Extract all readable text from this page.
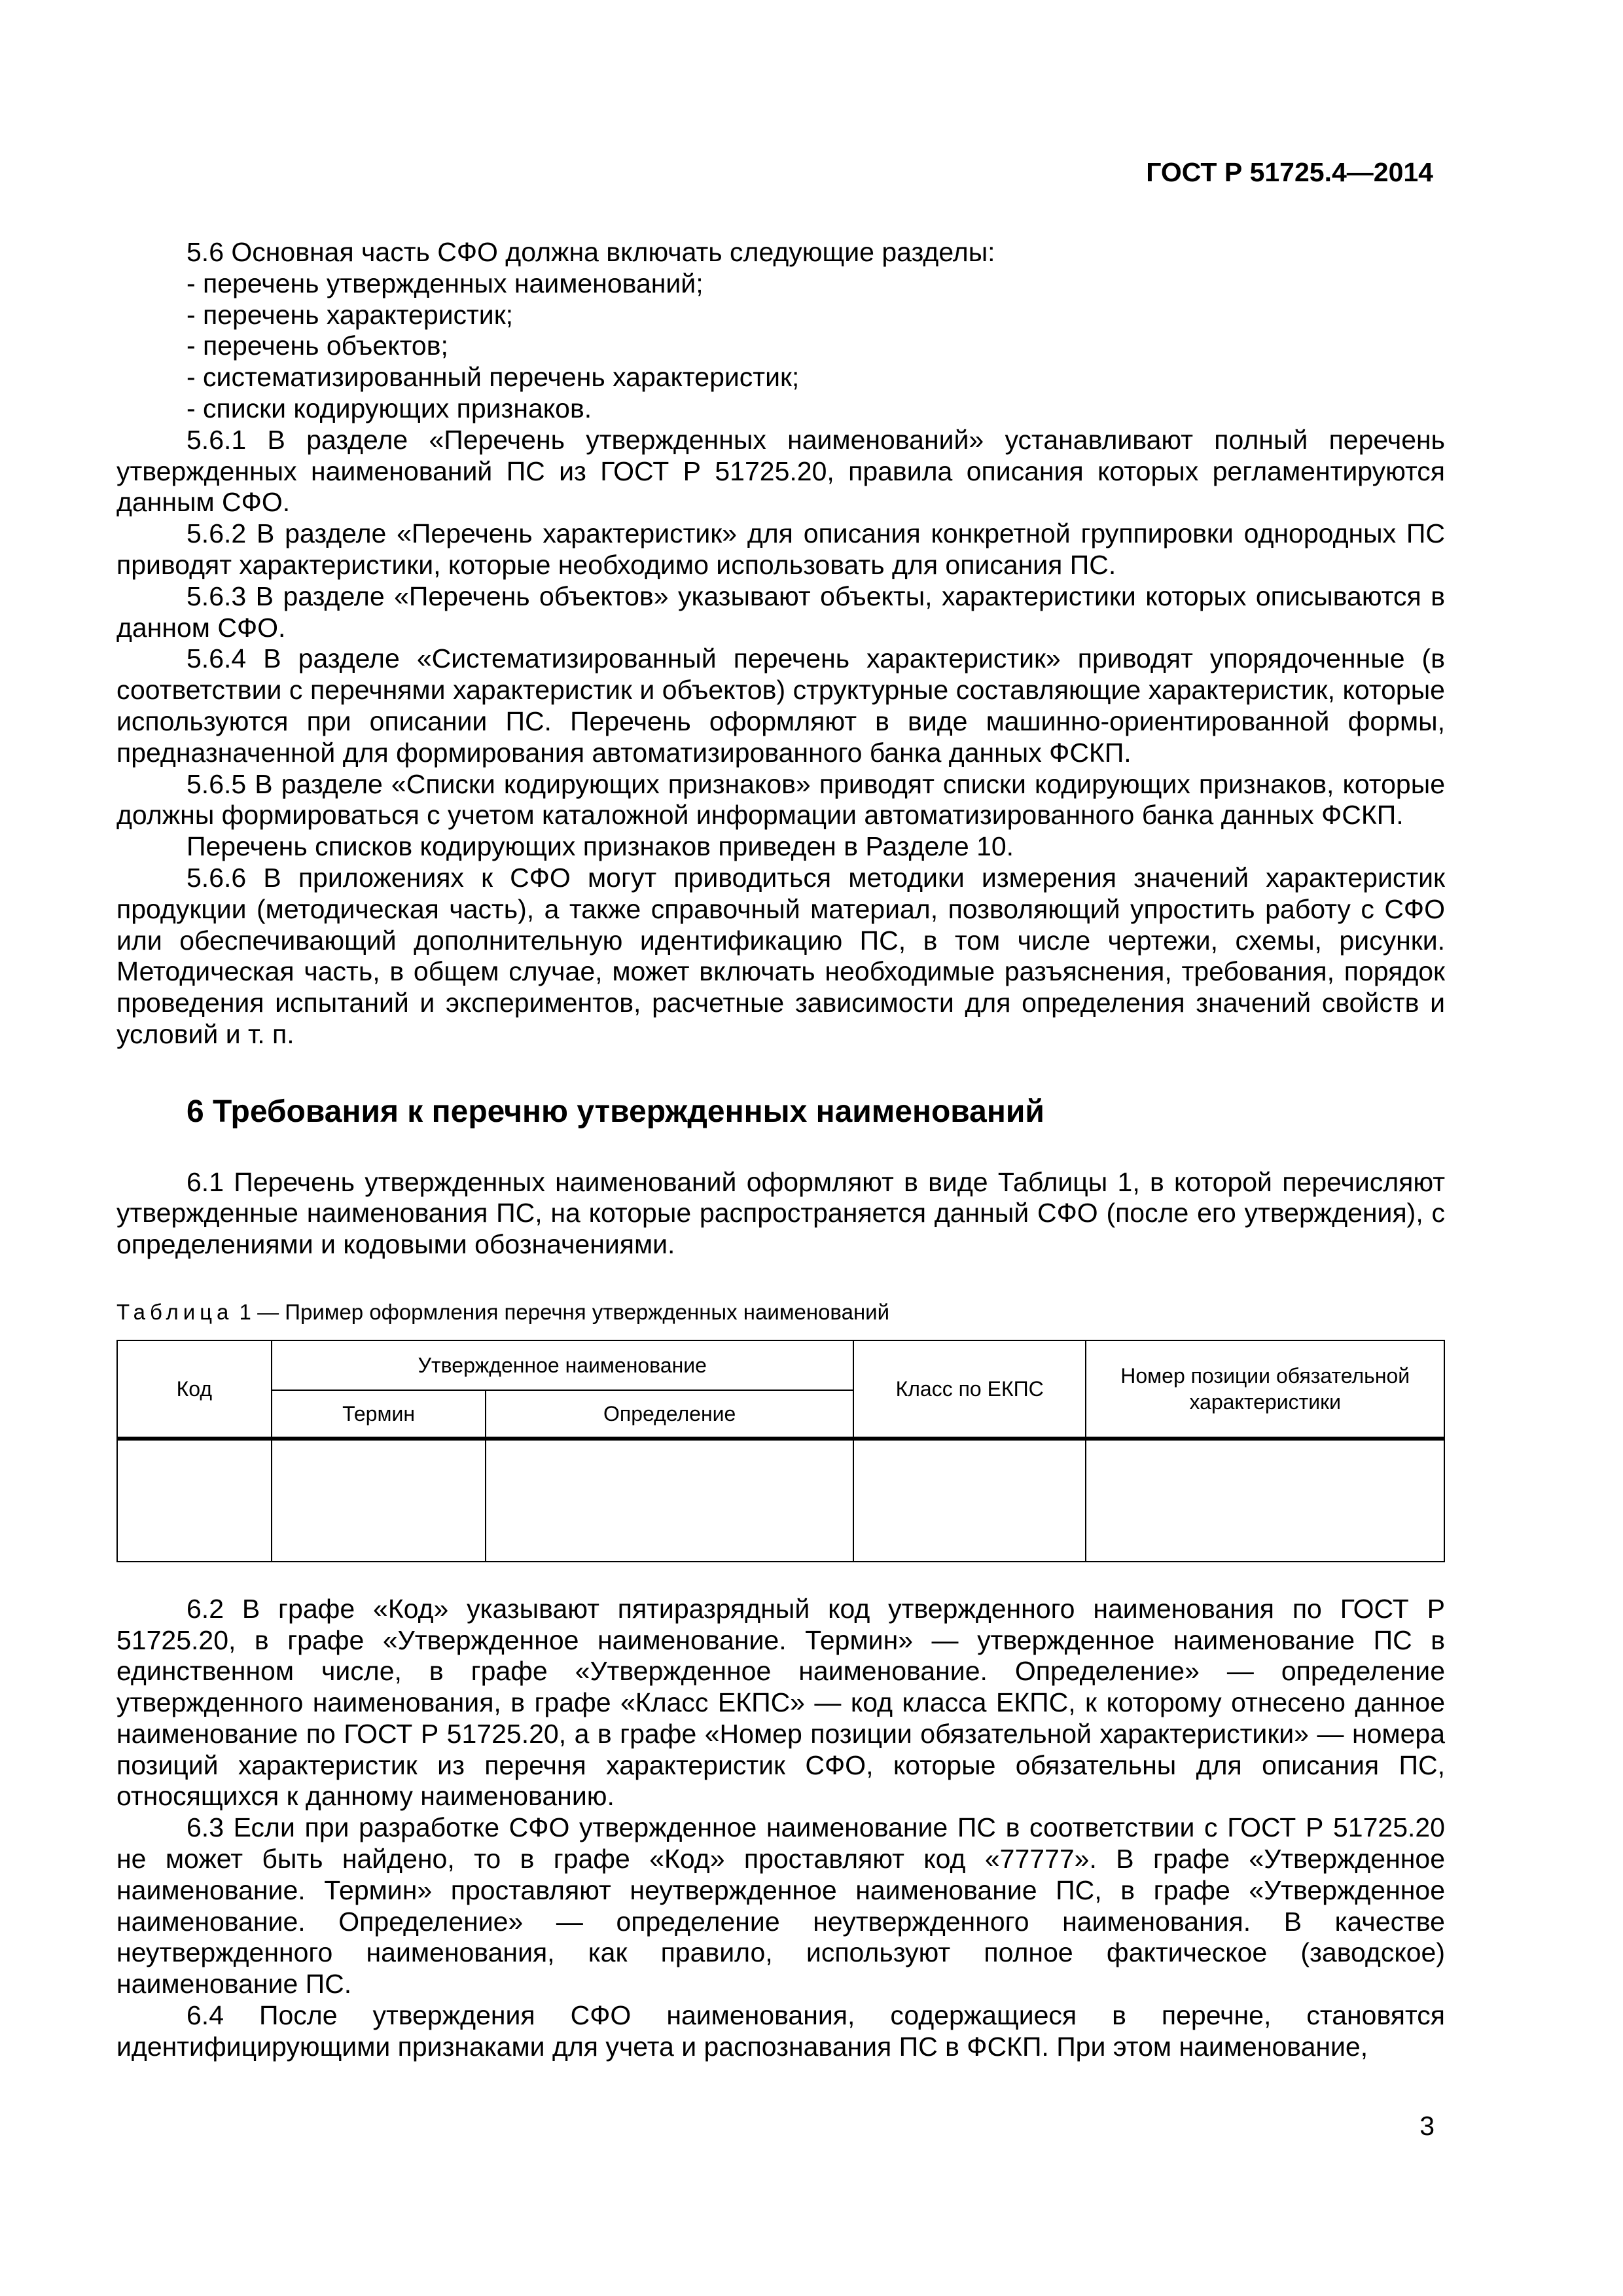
ГОСТ Р 51725.4—2014

5.6 Основная часть СФО должна включать следующие разделы:

- перечень утвержденных наименований;

- перечень характеристик;

- перечень объектов;

- систематизированный перечень характеристик;

- списки кодирующих признаков.

5.6.1 В разделе «Перечень утвержденных наименований» устанавливают полный перечень утвержденных наименований ПС из ГОСТ Р 51725.20, правила описания которых регламентируются данным СФО.

5.6.2 В разделе «Перечень характеристик» для описания конкретной группировки однородных ПС приводят характеристики, которые необходимо использовать для описания ПС.

5.6.3 В разделе «Перечень объектов» указывают объекты, характеристики которых описываются в данном СФО.

5.6.4 В разделе «Систематизированный перечень характеристик» приводят упорядоченные (в соответствии с перечнями характеристик и объектов) структурные составляющие характеристик, которые используются при описании ПС. Перечень оформляют в виде машинно-ориентированной формы, предназначенной для формирования автоматизированного банка данных ФСКП.

5.6.5 В разделе «Списки кодирующих признаков» приводят списки кодирующих признаков, которые должны формироваться с учетом каталожной информации автоматизированного банка данных ФСКП.

Перечень списков кодирующих признаков приведен в Разделе 10.

5.6.6 В приложениях к СФО могут приводиться методики измерения значений характеристик продукции (методическая часть), а также справочный материал, позволяющий упростить работу с СФО или обеспечивающий дополнительную идентификацию ПС, в том числе чертежи, схемы, рисунки. Методическая часть, в общем случае, может включать необходимые разъяснения, требования, порядок проведения испытаний и экспериментов, расчетные зависимости для определения значений свойств и условий и т. п.

6 Требования к перечню утвержденных наименований

6.1 Перечень утвержденных наименований оформляют в виде Таблицы 1, в которой перечисляют утвержденные наименования ПС, на которые распространяется данный СФО (после его утверждения), с определениями и кодовыми обозначениями.

Таблица 1 — Пример оформления перечня утвержденных наименований
Код	Утвержденное наименование		Класс по ЕКПС	Номер позиции обязательной характеристики
	Термин	Определение		

6.2 В графе «Код» указывают пятиразрядный код утвержденного наименования по ГОСТ Р 51725.20, в графе «Утвержденное наименование. Термин» — утвержденное наименование ПС в единственном числе, в графе «Утвержденное наименование. Определение» — определение утвержденного наименования, в графе «Класс ЕКПС» — код класса ЕКПС, к которому отнесено данное наименование по ГОСТ Р 51725.20, а в графе «Номер позиции обязательной характеристики» — номера позиций характеристик из перечня характеристик СФО, которые обязательны для описания ПС, относящихся к данному наименованию.

6.3 Если при разработке СФО утвержденное наименование ПС в соответствии с ГОСТ Р 51725.20 не может быть найдено, то в графе «Код» проставляют код «77777». В графе «Утвержденное наименование. Термин» проставляют неутвержденное наименование ПС, в графе «Утвержденное наименование. Определение» — определение неутвержденного наименования. В качестве неутвержденного наименования, как правило, используют полное фактическое (заводское) наименование ПС.

6.4 После утверждения СФО наименования, содержащиеся в перечне, становятся идентифицирующими признаками для учета и распознавания ПС в ФСКП. При этом наименование,

3
